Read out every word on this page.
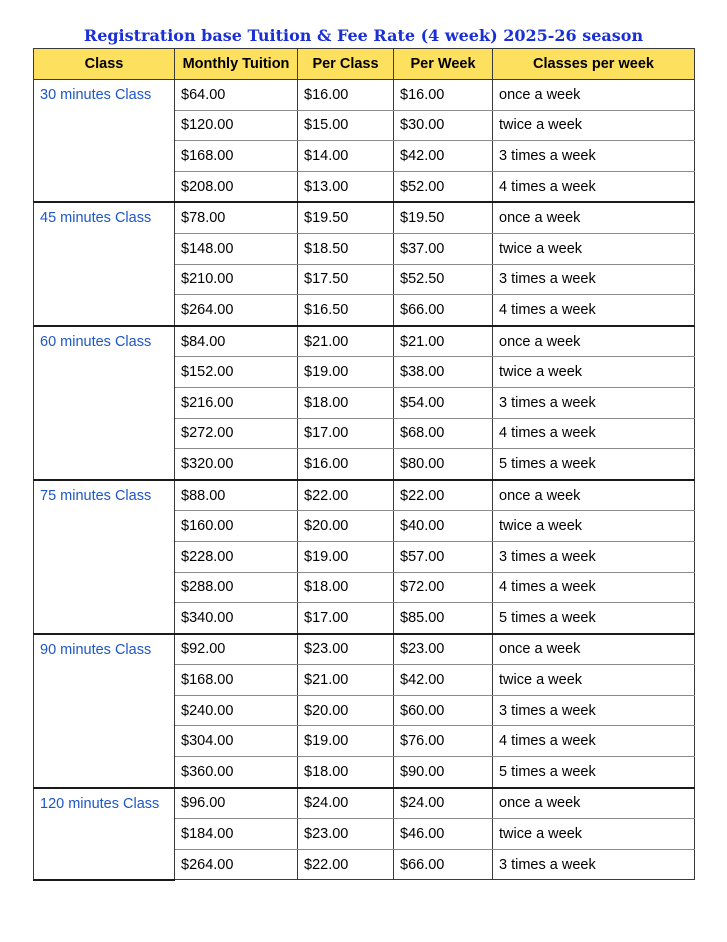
Registration base Tuition & Fee Rate (4 week) 2025-26 season
Class	Monthly Tuition	Per Class	Per Week	Classes per week
30 minutes Class	$64.00	$16.00	$16.00	once a week
	$120.00	$15.00	$30.00	twice a week
	$168.00	$14.00	$42.00	3 times a week
	$208.00	$13.00	$52.00	4 times a week
45 minutes Class	$78.00	$19.50	$19.50	once a week
	$148.00	$18.50	$37.00	twice a week
	$210.00	$17.50	$52.50	3 times a week
	$264.00	$16.50	$66.00	4 times a week
60 minutes Class	$84.00	$21.00	$21.00	once a week
	$152.00	$19.00	$38.00	twice a week
	$216.00	$18.00	$54.00	3 times a week
	$272.00	$17.00	$68.00	4 times a week
	$320.00	$16.00	$80.00	5 times a week
75 minutes Class	$88.00	$22.00	$22.00	once a week
	$160.00	$20.00	$40.00	twice a week
	$228.00	$19.00	$57.00	3 times a week
	$288.00	$18.00	$72.00	4 times a week
	$340.00	$17.00	$85.00	5 times a week
90 minutes Class	$92.00	$23.00	$23.00	once a week
	$168.00	$21.00	$42.00	twice a week
	$240.00	$20.00	$60.00	3 times a week
	$304.00	$19.00	$76.00	4 times a week
	$360.00	$18.00	$90.00	5 times a week
120 minutes Class	$96.00	$24.00	$24.00	once a week
	$184.00	$23.00	$46.00	twice a week
	$264.00	$22.00	$66.00	3 times a week
